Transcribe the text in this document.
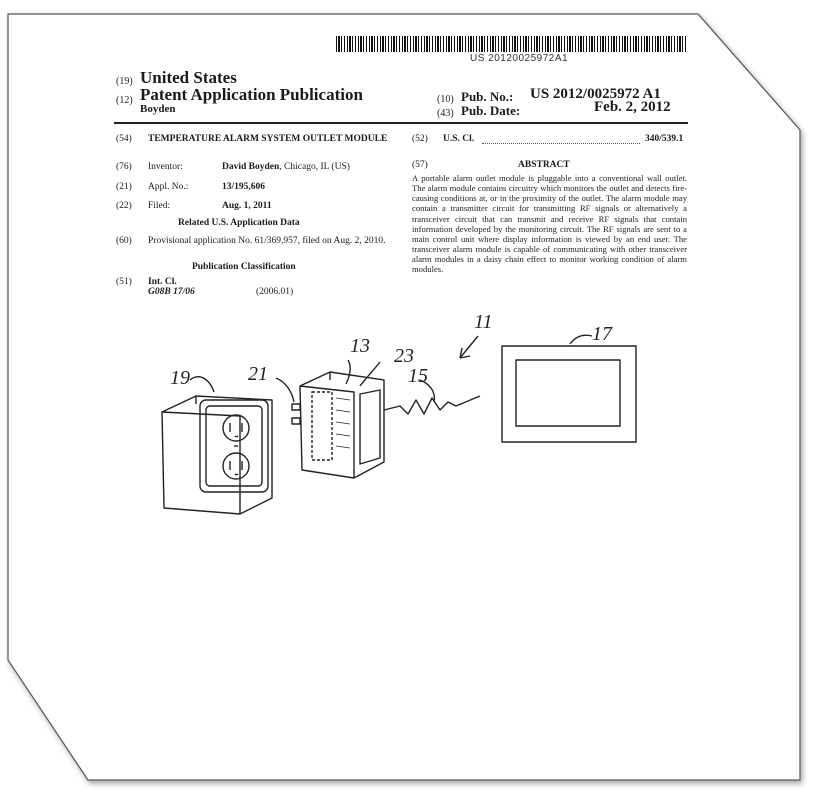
US 20120025972A1
(19) United States
(12) Patent Application Publication
Boyden
(10) Pub. No.: US 2012/0025972 A1
(43) Pub. Date:	Feb. 2, 2012
(54) TEMPERATURE ALARM SYSTEM OUTLET MODULE
(76) Inventor:	David Boyden, Chicago, IL (US)
(21) Appl. No.:	13/195,606
(22) Filed:	Aug. 1, 2011
Related U.S. Application Data
(60) Provisional application No. 61/369,957, filed on Aug. 2, 2010.
Publication Classification
(51) Int. Cl.
G08B 17/06	(2006.01)
(52) U.S. Cl.	340/539.1
(57)	ABSTRACT
A portable alarm outlet module is pluggable into a conventional wall outlet. The alarm module contains circuitry which monitors the outlet and detects fire-causing conditions at, or in the proximity of the outlet. The alarm module may contain a transmitter circuit for transmitting RF signals or alternatively a transceiver circuit that can transmit and receive RF signals that contain information developed by the monitoring circuit. The RF signals are sent to a main control unit where display information is viewed by an end user. The transceiver alarm module is capable of communicating with other transceiver alarm modules in a daisy chain effect to monitor working condition of alarm modules.
19	21
13 23
15
11
17
